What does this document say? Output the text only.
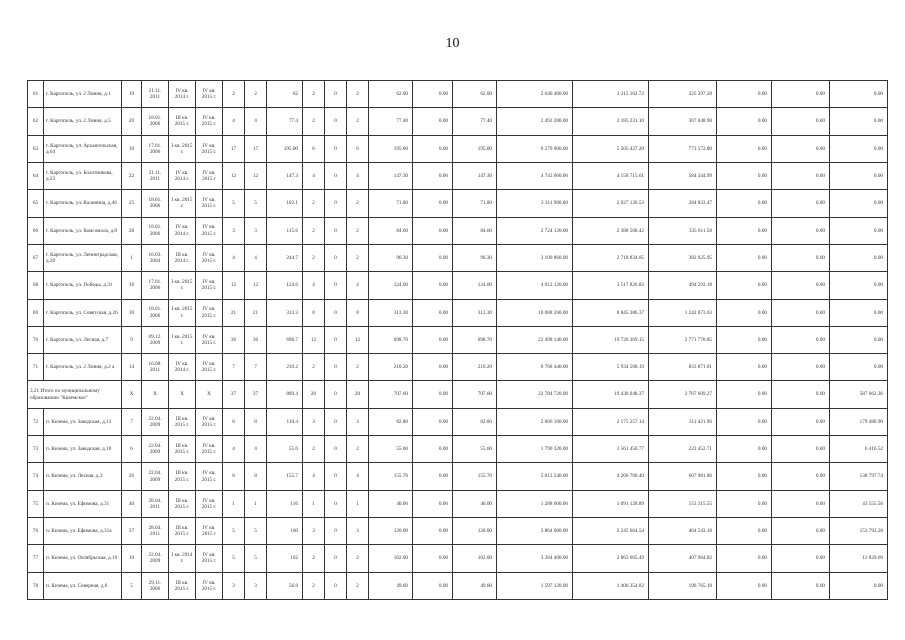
10
61	г. Каргополь, ул. 2 Линия, д.1	19	21.11. 2011	IV кв. 2014 г.	IV кв. 2015 г.	2	2	62	2	0	2	62.00	0.00	62.00	2 640 400.00	2 315 102.72	325 297.28	0.00	0.00	0.00
62	г. Каргополь, ул. 2 Линия, д.5	20	18.01. 2006	III кв. 2015 г.	IV кв. 2015 г.	4	4	77.4	2	0	2	77.40	0.00	77.40	2 492 280.00	2 185 231.10	307 048.90	0.00	0.00	0.00
63	г. Каргополь, ул. Архангельская, д.64	10	17.01. 2006	I кв. 2015 г.	IV кв. 2015 г.	17	17	195.00	6	0	6	195.00	0.00	195.00	6 279 000.00	5 505 427.20	773 572.80	0.00	0.00	0.00
64	г. Каргополь, ул. Болотникова, д.23	22	21.11. 2011	IV кв. 2014 г.	IV кв. 2015 г	12	12	147.3	4	0	4	147.30	0.00	147.30	4 743 060.00	4 158 715.01	584 344.99	0.00	0.00	0.00
65	г. Каргополь, ул. Калинина, д.46	25	18.01. 2006	I кв. 2015 г.	IV кв. 2015 г.	5	5	102.1	2	0	2	71.80	0.00	71.80	2 311 960.00	2 027 126.53	284 833.47	0.00	0.00	0.00
66	г. Каргополь, ул. Комсомола, д.8	28	18.01. 2006	IV кв. 2014 г.	IV кв. 2015 г.	3	3	115.6	2	0	2	84.60	0.00	84.60	2 724 120.00	2 388 508.42	335 611.58	0.00	0.00	0.00
67	г. Каргополь, ул. Ленинградская, д.20	1	16.03. 2004	III кв. 2014 г.	IV кв. 2015 г.	4	4	244.7	2	0	2	96.30	0.00	96.30	3 100 860.00	2 718 834.05	382 025.95	0.00	0.00	0.00
68	г. Каргополь, ул. Победы, д.31	16	17.01. 2006	I кв. 2015 г.	IV кв. 2015 г.	12	12	124.6	4	0	4	124.60	0.00	124.60	4 012 120.00	3 517 826.82	494 293.18	0.00	0.00	0.00
69	г. Каргополь, ул. Советская, д.26	30	18.01. 2006	I кв. 2015 г.	IV кв. 2015 г.	21	21	313.3	8	0	8	313.30	0.00	313.30	10 088 260.00	8 845 386.37	1 242 873.63	0.00	0.00	0.00
70	г. Каргополь, ул. Лесная, д.7	9	09.12. 2009	I кв. 2015 г.	IV кв. 2015 г.	36	36	698.7	12	0	12	698.70	0.00	698.70	22 498 140.00	19 726 369.15	2 771 770.85	0.00	0.00	0.00
71	г. Каргополь, ул. 2 Линия, д.2 а	14	16.08. 2011	IV кв. 2014 г.	IV кв. 2015 г.	7	7	210.2	2	0	2	210.20	0.00	210.20	6 768 440.00	5 934 568.19	833 871.81	0.00	0.00	0.00
3.21 Итого по муниципальному образованию "Киземское"		X	X	X	X	37	37	889.4	20	0	20	707.60	0.00	707.60	22 784 720.00	19 430 048.37	2 767 609.27	0.00	0.00	587 062.36
72	п. Кизема, ул. Заводская, д.13	7	22.04. 2009	III кв. 2015 г.	IV кв. 2015 г.	8	8	110.4	3	0	3	82.80	0.00	82.80	2 666 160.00	2 175 257.14	311 421.96	0.00	0.00	179 480.90
73	п. Кизема, ул. Заводская, д.18	6	22.04. 2009	III кв. 2015 г.	IV кв. 2015 г.	4	4	55.6	2	0	2	55.60	0.00	55.60	1 790 320.00	1 561 450.77	222 452.71	0.00	0.00	6 416.52
74	п. Кизема, ул. Лесная, д.3	26	22.04. 2009	III кв. 2015 г.	IV кв. 2015 г.	8	8	155.7	4	0	4	155.70	0.00	155.70	5 013 540.00	4 266 760.40	607 981.86	0.00	0.00	138 797.74
75	п. Кизема, ул. Ефимова, д.31	40	28.04. 2011	III кв. 2015 г.	IV кв. 2015 г.	1	1	116	1	0	1	40.00	0.00	40.00	1 288 000.00	1 091 128.89	153 315.55	0.00	0.00	43 555.56
76	п. Кизема, ул. Ефимова, д.31а	37	28.04. 2011	III кв. 2015 г.	IV кв. 2015 г	5	5	160	3	0	3	120.00	0.00	120.00	3 864 000.00	3 245 664.54	464 543.18	0.00	0.00	153 792.28
77	п. Кизема, ул. Октябрьская, д.16	10	22.04. 2009	I кв. 2014 г.	IV кв. 2015 г.	5	5	102	2	0	2	102.00	0.00	102.00	3 284 400.00	2 863 605.49	407 964.82	0.00	0.00	12 829.69
78	п. Кизема, ул. Северная, д.6	5	29.11. 2006	III кв. 2015 г.	IV кв. 2015 г.	3	3	56.8	2	0	2	49.60	0.00	49.60	1 597 120.00	1 400 354.82	196 765.18	0.00	0.00	0.00
